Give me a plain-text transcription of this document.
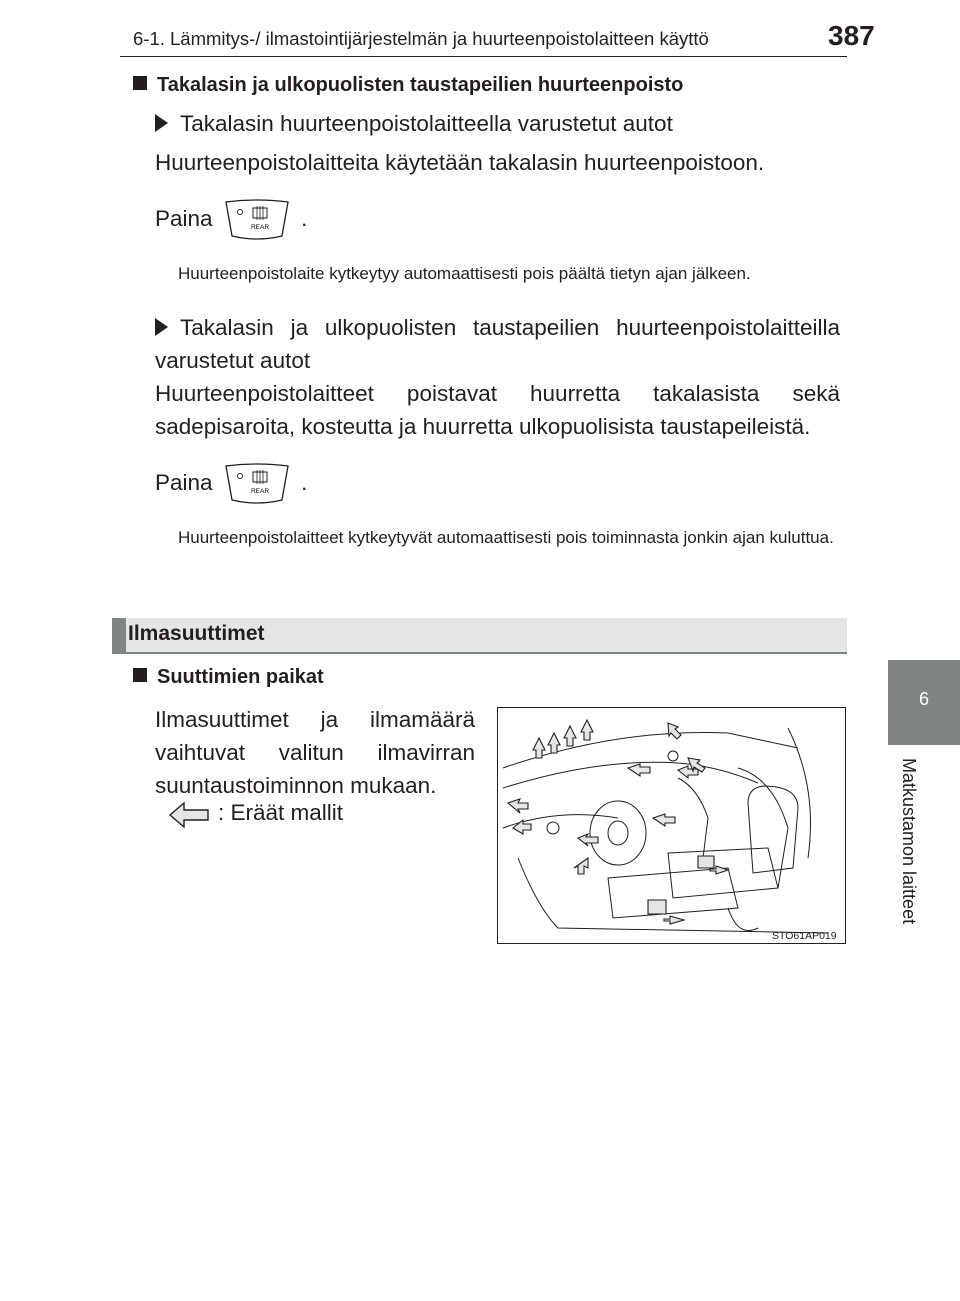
6-1. Lämmitys-/ ilmastointijärjestelmän ja huurteenpoistolaitteen käyttö	387
6
Matkustamon laitteet
Takalasin ja ulkopuolisten taustapeilien huurteenpoisto
Takalasin huurteenpoistolaitteella varustetut autot
Huurteenpoistolaitteita käytetään takalasin huurteenpoistoon.
Paina	REAR .
Huurteenpoistolaite kytkeytyy automaattisesti pois päältä tietyn ajan jälkeen.
Takalasin ja ulkopuolisten taustapeilien huurteenpoistolaitteilla varustetut autot
Huurteenpoistolaitteet poistavat huurretta takalasista sekä sadepisaroita, kosteutta ja huurretta ulkopuolisista taustapeileistä.
Paina	REAR .
Huurteenpoistolaitteet kytkeytyvät automaattisesti pois toiminnasta jonkin ajan kuluttua.
Ilmasuuttimet
Suuttimien paikat
Ilmasuuttimet ja ilmamäärä vaihtuvat valitun ilmavirran suuntaustoiminnon mukaan.
: Eräät mallit
STO61AP019
